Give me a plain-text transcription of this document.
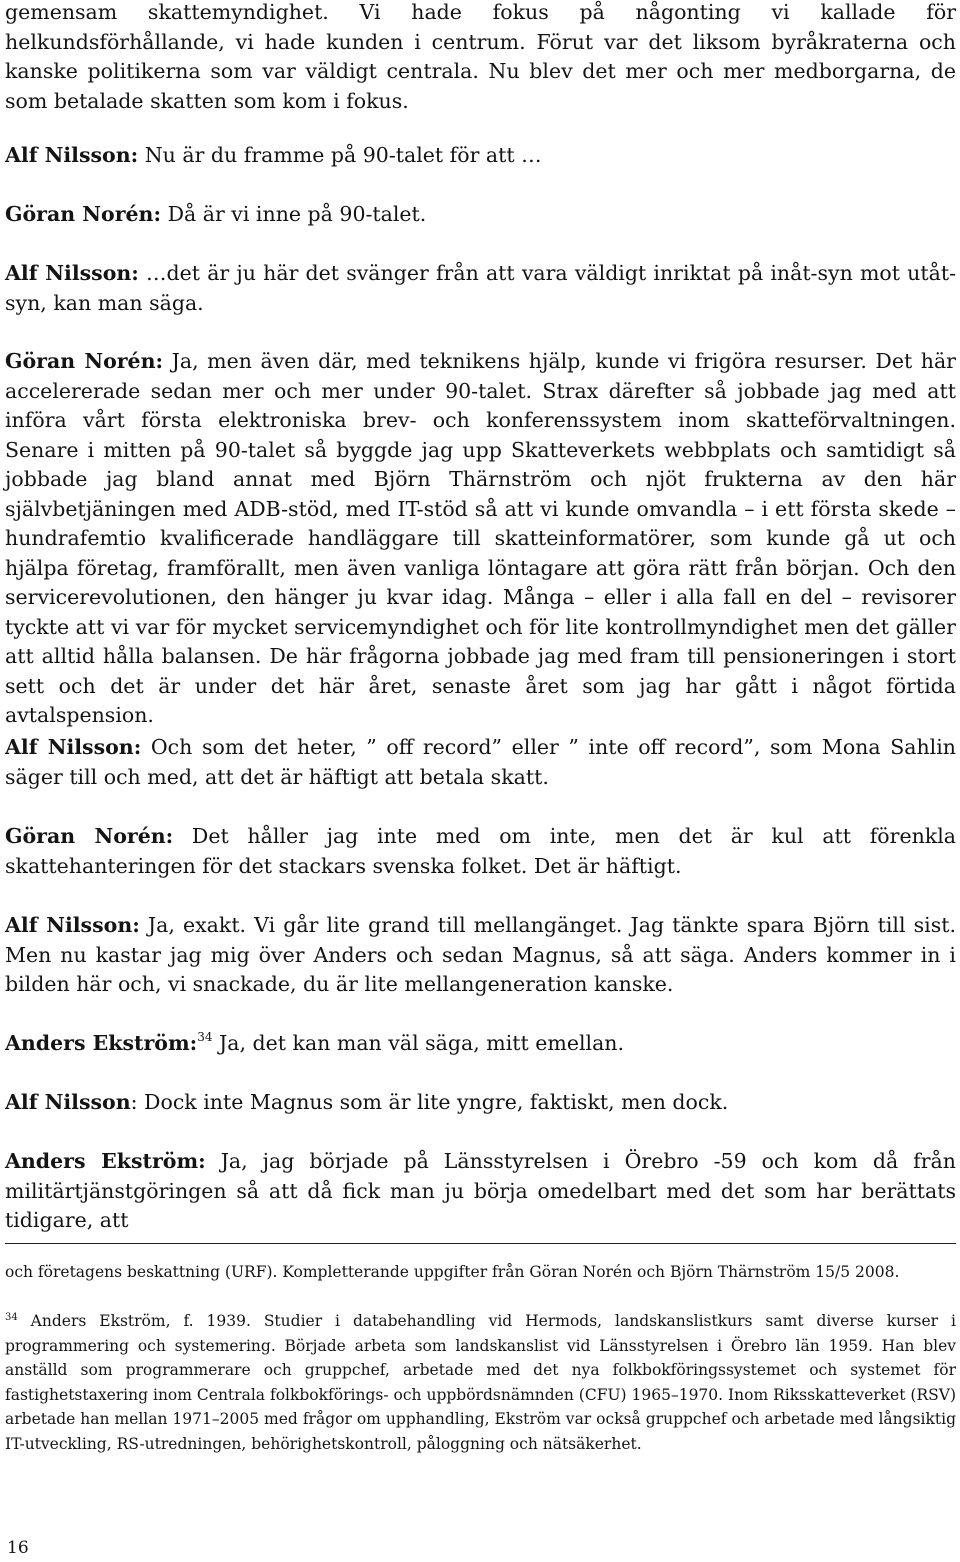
gemensam skattemyndighet. Vi hade fokus på någonting vi kallade för helkundsförhållande, vi hade kunden i centrum. Förut var det liksom byråkraterna och kanske politikerna som var väldigt centrala. Nu blev det mer och mer medborgarna, de som betalade skatten som kom i fokus.

Alf Nilsson: Nu är du framme på 90-talet för att …

Göran Norén: Då är vi inne på 90-talet.

Alf Nilsson: …det är ju här det svänger från att vara väldigt inriktat på inåt-syn mot utåt-syn, kan man säga.

Göran Norén: Ja, men även där, med teknikens hjälp, kunde vi frigöra resurser. Det här accelererade sedan mer och mer under 90-talet. Strax därefter så jobbade jag med att införa vårt första elektroniska brev- och konferenssystem inom skatteförvaltningen. Senare i mitten på 90-talet så byggde jag upp Skatteverkets webbplats och samtidigt så jobbade jag bland annat med Björn Thärnström och njöt frukterna av den här självbetjäningen med ADB-stöd, med IT-stöd så att vi kunde omvandla – i ett första skede – hundrafemtio kvalificerade handläggare till skatteinformatörer, som kunde gå ut och hjälpa företag, framförallt, men även vanliga löntagare att göra rätt från början. Och den servicerevolutionen, den hänger ju kvar idag. Många – eller i alla fall en del – revisorer tyckte att vi var för mycket servicemyndighet och för lite kontrollmyndighet men det gäller att alltid hålla balansen. De här frågorna jobbade jag med fram till pensioneringen i stort sett och det är under det här året, senaste året som jag har gått i något förtida avtalspension.

Alf Nilsson: Och som det heter, ” off record” eller ” inte off record”, som Mona Sahlin säger till och med, att det är häftigt att betala skatt.

Göran Norén: Det håller jag inte med om inte, men det är kul att förenkla skattehanteringen för det stackars svenska folket. Det är häftigt.

Alf Nilsson: Ja, exakt. Vi går lite grand till mellangänget. Jag tänkte spara Björn till sist. Men nu kastar jag mig över Anders och sedan Magnus, så att säga. Anders kommer in i bilden här och, vi snackade, du är lite mellangeneration kanske.

Anders Ekström:$^{34}$ Ja, det kan man väl säga, mitt emellan.

Alf Nilsson: Dock inte Magnus som är lite yngre, faktiskt, men dock.

Anders Ekström: Ja, jag började på Länsstyrelsen i Örebro -59 och kom då från militärtjänstgöringen så att då fick man ju börja omedelbart med det som har berättats tidigare, att

och företagens beskattning (URF). Kompletterande uppgifter från Göran Norén och Björn Thärnström 15/5 2008.

$^{34}$ Anders Ekström, f. 1939. Studier i databehandling vid Hermods, landskanslistkurs samt diverse kurser i programmering och systemering. Började arbeta som landskanslist vid Länsstyrelsen i Örebro län 1959. Han blev anställd som programmerare och gruppchef, arbetade med det nya folkbokföringssystemet och systemet för fastighetstaxering inom Centrala folkbokförings- och uppbördsnämnden (CFU) 1965–1970. Inom Riksskatteverket (RSV) arbetade han mellan 1971–2005 med frågor om upphandling, Ekström var också gruppchef och arbetade med långsiktig IT-utveckling, RS-utredningen, behörighetskontroll, påloggning och nätsäkerhet.

16
